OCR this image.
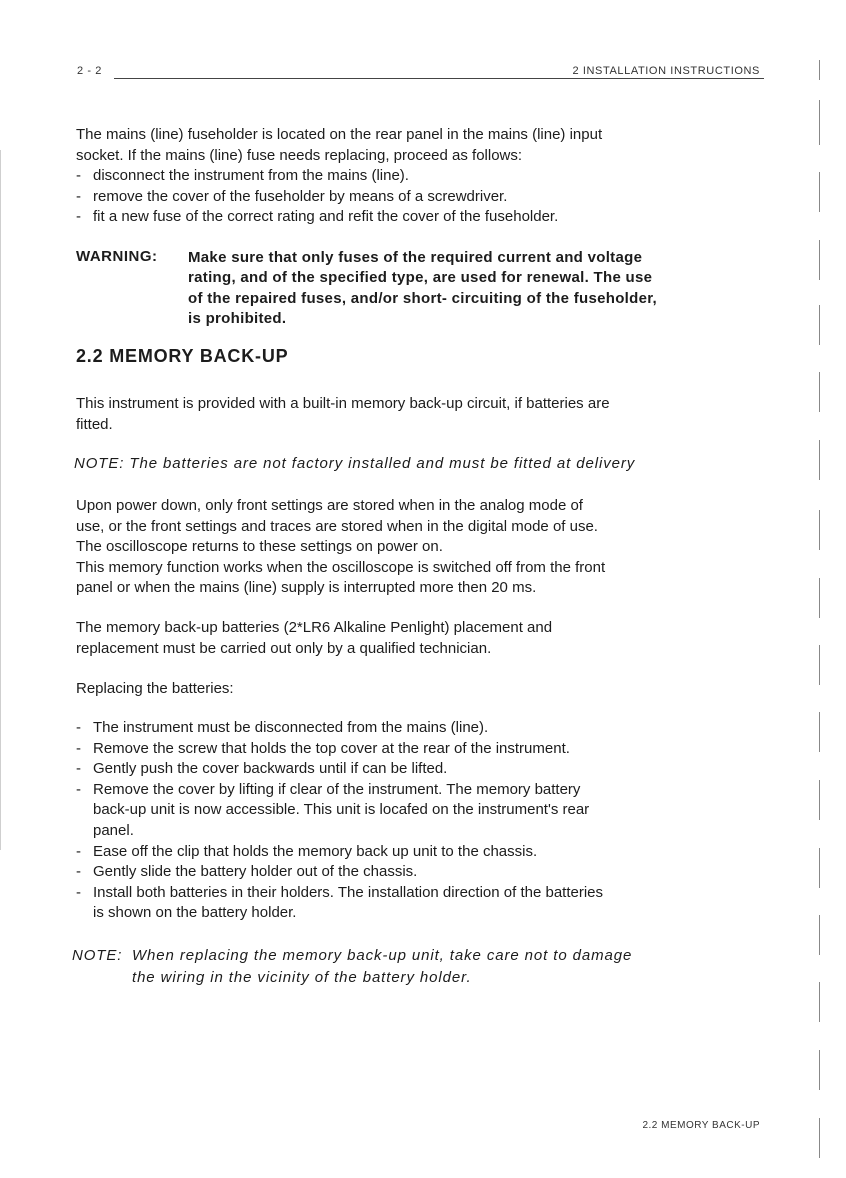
2 - 2	2 INSTALLATION INSTRUCTIONS
The mains (line) fuseholder is located on the rear panel in the mains (line) input
socket. If the mains (line) fuse needs replacing, proceed as follows:
- disconnect the instrument from the mains (line).
- remove the cover of the fuseholder by means of a screwdriver.
- fit a new fuse of the correct rating and refit the cover of the fuseholder.
WARNING: Make sure that only fuses of the required current and voltage
rating, and of the specified type, are used for renewal. The use
of the repaired fuses, and/or short- circuiting of the fuseholder,
is prohibited.
2.2 MEMORY BACK-UP
This instrument is provided with a built-in memory back-up circuit, if batteries are
fitted.
NOTE: The batteries are not factory installed and must be fitted at delivery
Upon power down, only front settings are stored when in the analog mode of
use, or the front settings and traces are stored when in the digital mode of use.
The oscilloscope returns to these settings on power on.
This memory function works when the oscilloscope is switched off from the front
panel or when the mains (line) supply is interrupted more then 20 ms.
The memory back-up batteries (2*LR6 Alkaline Penlight) placement and
replacement must be carried out only by a qualified technician.
Replacing the batteries:
- The instrument must be disconnected from the mains (line).
- Remove the screw that holds the top cover at the rear of the instrument.
- Gently push the cover backwards until if can be lifted.
- Remove the cover by lifting if clear of the instrument. The memory battery
back-up unit is now accessible. This unit is locafed on the instrument's rear
panel.
- Ease off the clip that holds the memory back up unit to the chassis.
- Gently slide the battery holder out of the chassis.
- Install both batteries in their holders. The installation direction of the batteries
is shown on the battery holder.
NOTE: When replacing the memory back-up unit, take care not to damage
the wiring in the vicinity of the battery holder.
2.2 MEMORY BACK-UP
